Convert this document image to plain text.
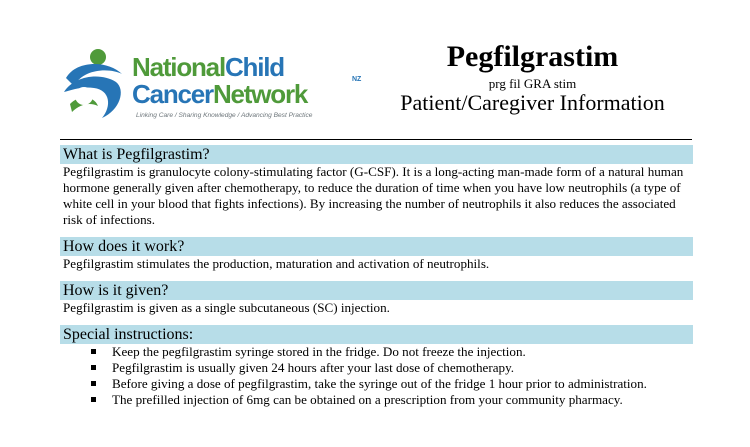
NationalChild
CancerNetwork	NZ
Linking Care / Sharing Knowledge / Advancing Best Practice
Pegfilgrastim
prg fil GRA stim
Patient/Caregiver Information
What is Pegfilgrastim?
Pegfilgrastim is granulocyte colony-stimulating factor (G-CSF). It is a long-acting man-made form of a natural human hormone generally given after chemotherapy, to reduce the duration of time when you have low neutrophils (a type of white cell in your blood that fights infections). By increasing the number of neutrophils it also reduces the associated risk of infections.
How does it work?
Pegfilgrastim stimulates the production, maturation and activation of neutrophils.
How is it given?
Pegfilgrastim is given as a single subcutaneous (SC) injection.
Special instructions:
Keep the pegfilgrastim syringe stored in the fridge. Do not freeze the injection.
Pegfilgrastim is usually given 24 hours after your last dose of chemotherapy.
Before giving a dose of pegfilgrastim, take the syringe out of the fridge 1 hour prior to administration.
The prefilled injection of 6mg can be obtained on a prescription from your community pharmacy.
